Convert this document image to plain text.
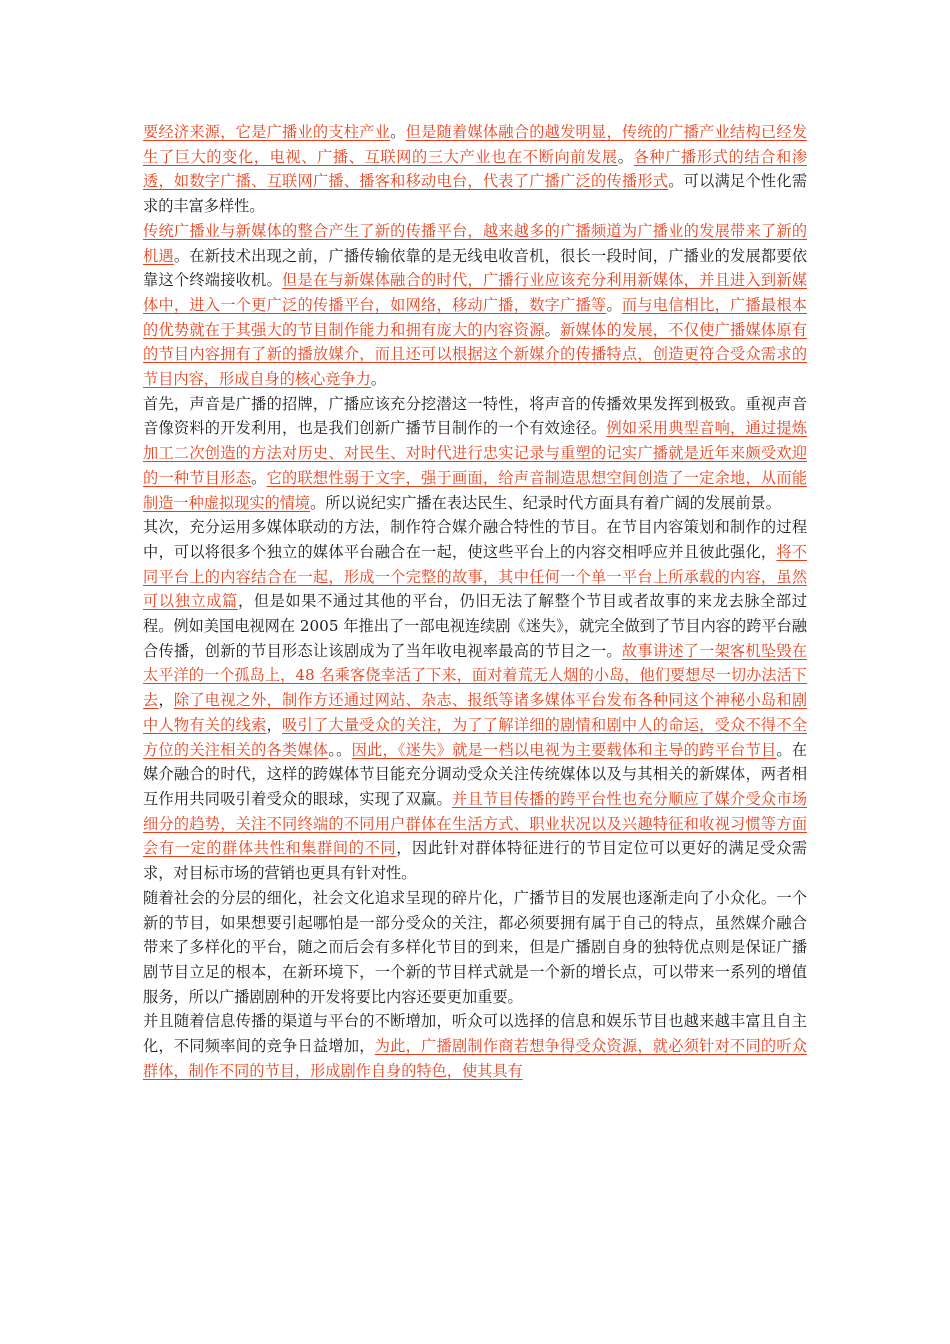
要经济来源，它是广播业的支柱产业。但是随着媒体融合的越发明显，传统的广播产业结构已经发生了巨大的变化，电视、广播、互联网的三大产业也在不断向前发展。各种广播形式的结合和渗透，如数字广播、互联网广播、播客和移动电台，代表了广播广泛的传播形式。可以满足个性化需求的丰富多样性。

传统广播业与新媒体的整合产生了新的传播平台，越来越多的广播频道为广播业的发展带来了新的机遇。在新技术出现之前，广播传输依靠的是无线电收音机，很长一段时间，广播业的发展都要依靠这个终端接收机。但是在与新媒体融合的时代，广播行业应该充分利用新媒体，并且进入到新媒体中，进入一个更广泛的传播平台，如网络，移动广播，数字广播等。而与电信相比，广播最根本的优势就在于其强大的节目制作能力和拥有庞大的内容资源。新媒体的发展，不仅使广播媒体原有的节目内容拥有了新的播放媒介，而且还可以根据这个新媒介的传播特点，创造更符合受众需求的节目内容，形成自身的核心竞争力。

首先，声音是广播的招牌，广播应该充分挖潜这一特性，将声音的传播效果发挥到极致。重视声音音像资料的开发利用，也是我们创新广播节目制作的一个有效途径。例如采用典型音响，通过提炼加工二次创造的方法对历史、对民生、对时代进行忠实记录与重塑的记实广播就是近年来颇受欢迎的一种节目形态。它的联想性弱于文字，强于画面，给声音制造思想空间创造了一定余地，从而能制造一种虚拟现实的情境。所以说纪实广播在表达民生、纪录时代方面具有着广阔的发展前景。

其次，充分运用多媒体联动的方法，制作符合媒介融合特性的节目。在节目内容策划和制作的过程中，可以将很多个独立的媒体平台融合在一起，使这些平台上的内容交相呼应并且彼此强化，将不同平台上的内容结合在一起，形成一个完整的故事，其中任何一个单一平台上所承载的内容，虽然可以独立成篇，但是如果不通过其他的平台，仍旧无法了解整个节目或者故事的来龙去脉全部过程。例如美国电视网在 2005 年推出了一部电视连续剧《迷失》，就完全做到了节目内容的跨平台融合传播，创新的节目形态让该剧成为了当年收电视率最高的节目之一。故事讲述了一架客机坠毁在太平洋的一个孤岛上，48 名乘客侥幸活了下来，面对着荒无人烟的小岛，他们要想尽一切办法活下去，除了电视之外，制作方还通过网站、杂志、报纸等诸多媒体平台发布各种同这个神秘小岛和剧中人物有关的线索，吸引了大量受众的关注，为了了解详细的剧情和剧中人的命运，受众不得不全方位的关注相关的各类媒体。。因此，《迷失》就是一档以电视为主要载体和主导的跨平台节目。在媒介融合的时代，这样的跨媒体节目能充分调动受众关注传统媒体以及与其相关的新媒体，两者相互作用共同吸引着受众的眼球，实现了双赢。并且节目传播的跨平台性也充分顺应了媒介受众市场细分的趋势，关注不同终端的不同用户群体在生活方式、职业状况以及兴趣特征和收视习惯等方面会有一定的群体共性和集群间的不同，因此针对群体特征进行的节目定位可以更好的满足受众需求，对目标市场的营销也更具有针对性。

随着社会的分层的细化，社会文化追求呈现的碎片化，广播节目的发展也逐渐走向了小众化。一个新的节目，如果想要引起哪怕是一部分受众的关注，都必须要拥有属于自己的特点，虽然媒介融合带来了多样化的平台，随之而后会有多样化节目的到来，但是广播剧自身的独特优点则是保证广播剧节目立足的根本，在新环境下，一个新的节目样式就是一个新的增长点，可以带来一系列的增值服务，所以广播剧剧种的开发将要比内容还要更加重要。

并且随着信息传播的渠道与平台的不断增加，听众可以选择的信息和娱乐节目也越来越丰富且自主化，不同频率间的竞争日益增加，为此，广播剧制作商若想争得受众资源，就必须针对不同的听众群体，制作不同的节目，形成剧作自身的特色，使其具有
